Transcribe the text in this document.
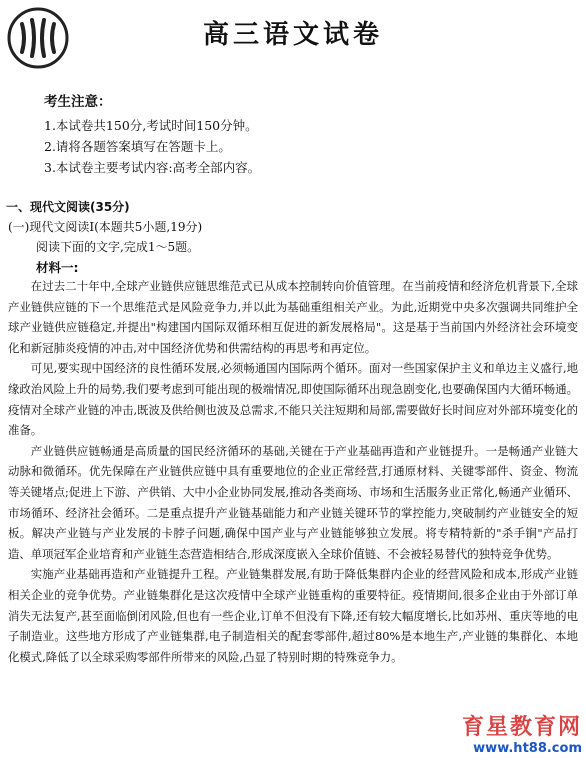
高三语文试卷
考生注意：

1.本试卷共150分,考试时间150分钟。

2.请将各题答案填写在答题卡上。

3.本试卷主要考试内容:高考全部内容。

一、现代文阅读(35分)
(一)现代文阅读Ⅰ(本题共5小题,19分)
阅读下面的文字,完成1～5题。
材料一:

在过去二十年中,全球产业链供应链思维范式已从成本控制转向价值管理。在当前疫情和经济危机背景下,全球产业链供应链的下一个思维范式是风险竞争力,并以此为基础重组相关产业。为此,近期党中央多次强调共同维护全球产业链供应链稳定,并提出"构建国内国际双循环相互促进的新发展格局"。这是基于当前国内外经济社会环境变化和新冠肺炎疫情的冲击,对中国经济优势和供需结构的再思考和再定位。

可见,要实现中国经济的良性循环发展,必须畅通国内国际两个循环。面对一些国家保护主义和单边主义盛行,地缘政治风险上升的局势,我们要考虑到可能出现的极端情况,即使国际循环出现急剧变化,也要确保国内大循环畅通。疫情对全球产业链的冲击,既波及供给侧也波及总需求,不能只关注短期和局部,需要做好长时间应对外部环境变化的准备。

产业链供应链畅通是高质量的国民经济循环的基础,关键在于产业基础再造和产业链提升。一是畅通产业链大动脉和微循环。优先保障在产业链供应链中具有重要地位的企业正常经营,打通原材料、关键零部件、资金、物流等关键堵点;促进上下游、产供销、大中小企业协同发展,推动各类商场、市场和生活服务业正常化,畅通产业循环、市场循环、经济社会循环。二是重点提升产业链基础能力和产业链关键环节的掌控能力,突破制约产业链安全的短板。解决产业链与产业发展的卡脖子问题,确保中国产业与产业链能够独立发展。将专精特新的"杀手锏"产品打造、单项冠军企业培育和产业链生态营造相结合,形成深度嵌入全球价值链、不会被轻易替代的独特竞争优势。

实施产业基础再造和产业链提升工程。产业链集群发展,有助于降低集群内企业的经营风险和成本,形成产业链相关企业的竞争优势。产业链集群化是这次疫情中全球产业链重构的重要特征。疫情期间,很多企业由于外部订单消失无法复产,甚至面临倒闭风险,但也有一些企业,订单不但没有下降,还有较大幅度增长,比如苏州、重庆等地的电子制造业。这些地方形成了产业链集群,电子制造相关的配套零部件,超过80%是本地生产,产业链的集群化、本地化模式,降低了以全球采购零部件所带来的风险,凸显了特别时期的特殊竞争力。

育星教育网
www.ht88.com
